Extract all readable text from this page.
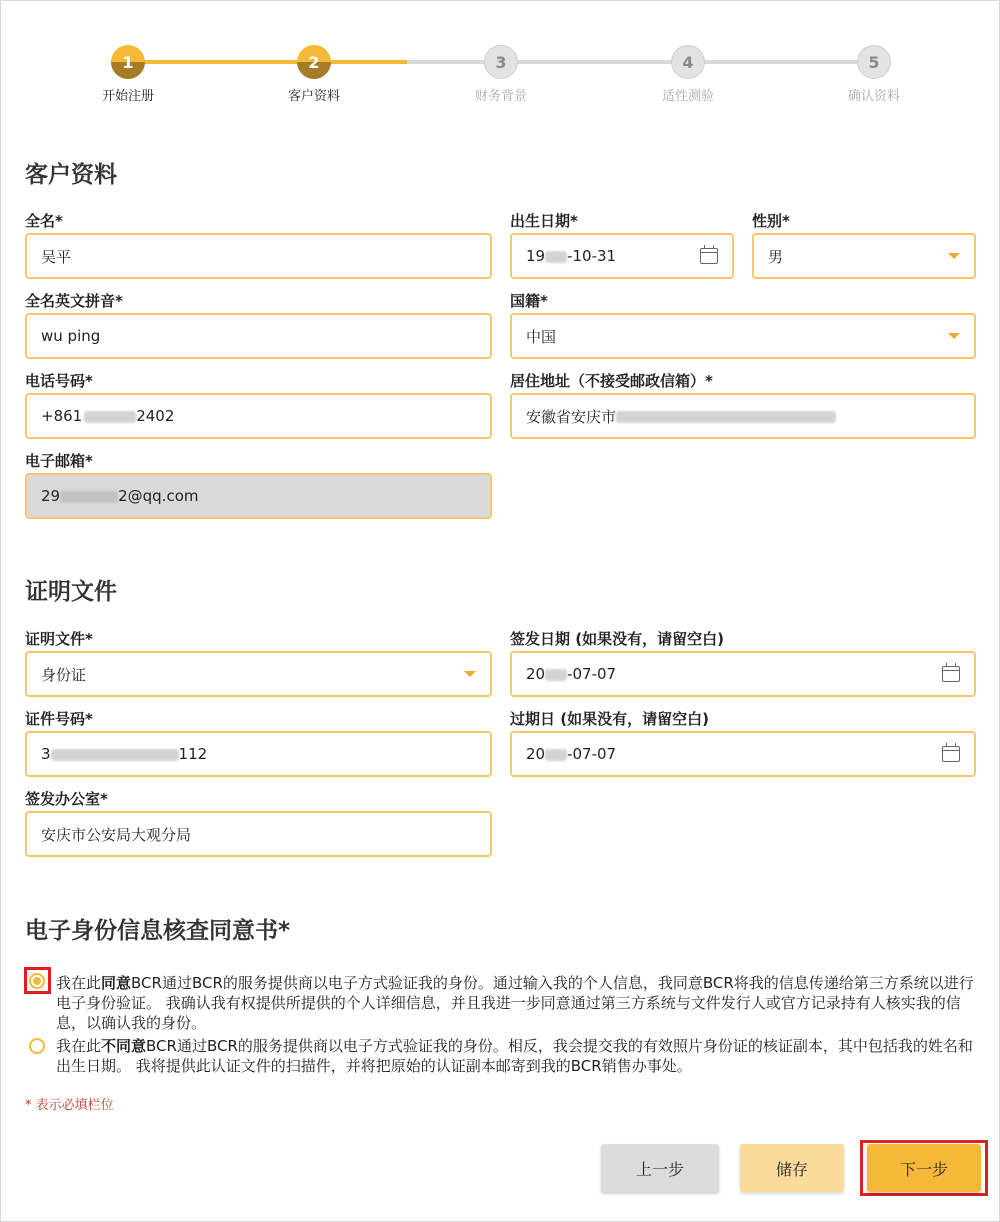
1
开始注册
2
客户资料
3
财务背景
4
适性测验
5
确认资料
客户资料
全名*
吴平
出生日期*
19 -10-31
性别*
男
全名英文拼音*
wu ping
国籍*
中国
电话号码*
+861	2402
居住地址（不接受邮政信箱）*
安徽省安庆市
电子邮箱*
29	2@qq.com
证明文件
证明文件*
身份证
签发日期 (如果没有，请留空白)
20 -07-07
证件号码*
3	112
过期日 (如果没有，请留空白)
20 -07-07
签发办公室*
安庆市公安局大观分局
电子身份信息核查同意书*
我在此同意BCR通过BCR的服务提供商以电子方式验证我的身份。通过输入我的个人信息，我同意BCR将我的信息传递给第三方系统以进行电子身份验证。 我确认我有权提供所提供的个人详细信息，并且我进一步同意通过第三方系统与文件发行人或官方记录持有人核实我的信息，以确认我的身份。
我在此不同意BCR通过BCR的服务提供商以电子方式验证我的身份。相反，我会提交我的有效照片身份证的核证副本，其中包括我的姓名和出生日期。 我将提供此认证文件的扫描件，并将把原始的认证副本邮寄到我的BCR销售办事处。
* 表示必填栏位
上一步	储存	下一步
